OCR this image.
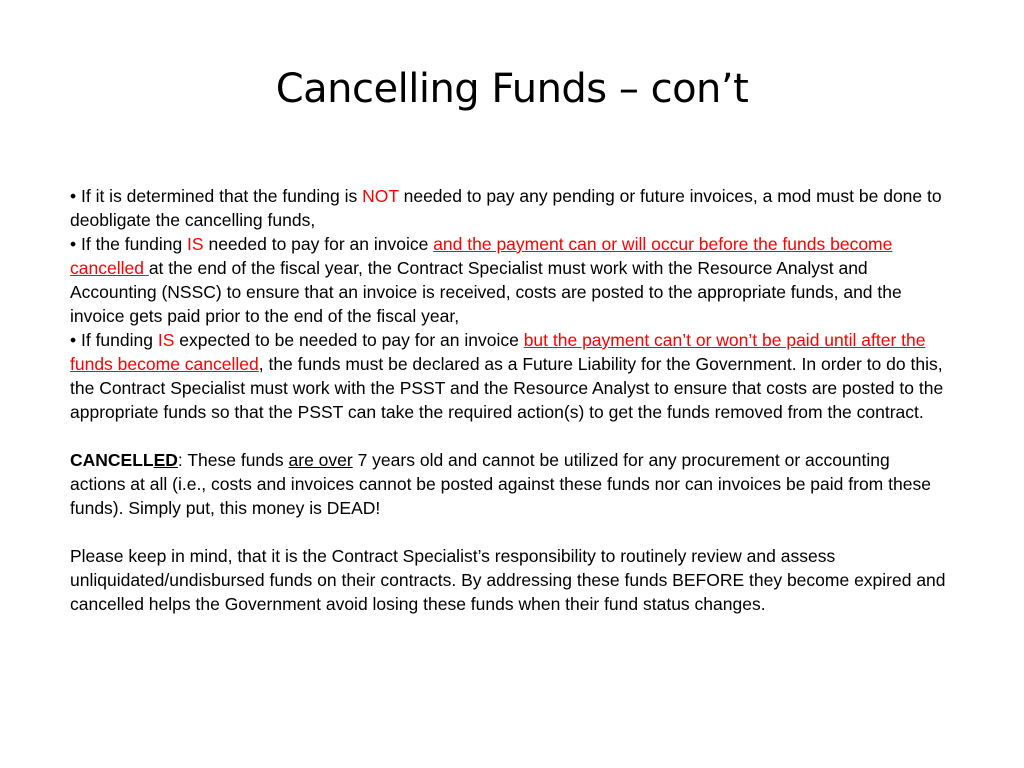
Cancelling Funds – con’t

• If it is determined that the funding is NOT needed to pay any pending or future invoices, a mod must be done to deobligate the cancelling funds,

• If the funding IS needed to pay for an invoice and the payment can or will occur before the funds become cancelled at the end of the fiscal year, the Contract Specialist must work with the Resource Analyst and Accounting (NSSC) to ensure that an invoice is received, costs are posted to the appropriate funds, and the invoice gets paid prior to the end of the fiscal year,

• If funding IS expected to be needed to pay for an invoice but the payment can’t or won’t be paid until after the funds become cancelled, the funds must be declared as a Future Liability for the Government. In order to do this, the Contract Specialist must work with the PSST and the Resource Analyst to ensure that costs are posted to the appropriate funds so that the PSST can take the required action(s) to get the funds removed from the contract.

CANCELLED: These funds are over 7 years old and cannot be utilized for any procurement or accounting actions at all (i.e., costs and invoices cannot be posted against these funds nor can invoices be paid from these funds). Simply put, this money is DEAD!

Please keep in mind, that it is the Contract Specialist’s responsibility to routinely review and assess unliquidated/undisbursed funds on their contracts. By addressing these funds BEFORE they become expired and cancelled helps the Government avoid losing these funds when their fund status changes.
